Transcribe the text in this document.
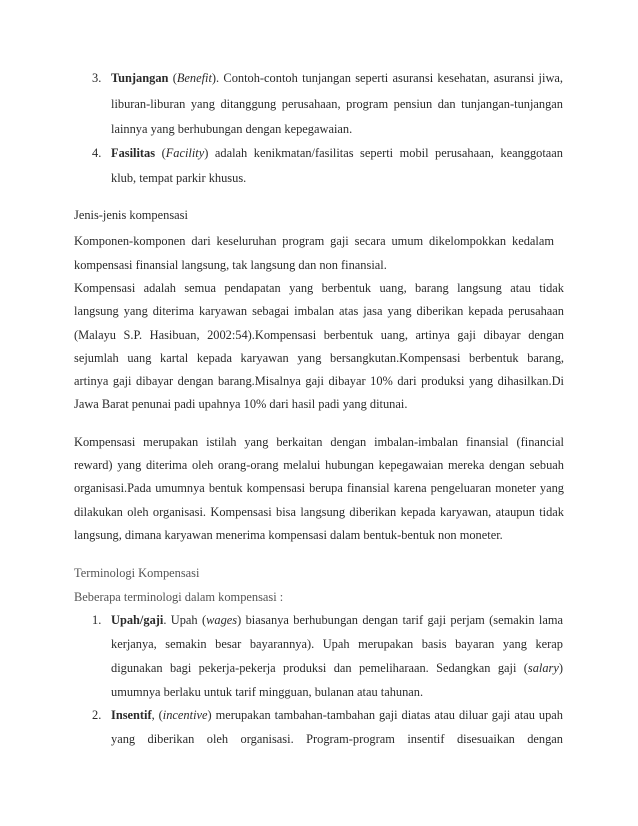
3. Tunjangan (Benefit). Contoh-contoh tunjangan seperti asuransi kesehatan, asuransi jiwa,
liburan-liburan yang ditanggung perusahaan, program pensiun dan tunjangan-tunjangan
lainnya yang berhubungan dengan kepegawaian.
4. Fasilitas (Facility) adalah kenikmatan/fasilitas seperti mobil perusahaan, keanggotaan
klub, tempat parkir khusus.
Jenis-jenis kompensasi
Komponen-komponen dari keseluruhan program gaji secara umum dikelompokkan kedalam
kompensasi finansial langsung, tak langsung dan non finansial.
Kompensasi adalah semua pendapatan yang berbentuk uang, barang langsung atau tidak
langsung yang diterima karyawan sebagai imbalan atas jasa yang diberikan kepada perusahaan
(Malayu S.P. Hasibuan, 2002:54).Kompensasi berbentuk uang, artinya gaji dibayar dengan
sejumlah uang kartal kepada karyawan yang bersangkutan.Kompensasi berbentuk barang,
artinya gaji dibayar dengan barang.Misalnya gaji dibayar 10% dari produksi yang dihasilkan.Di
Jawa Barat penunai padi upahnya 10% dari hasil padi yang ditunai.
Kompensasi merupakan istilah yang berkaitan dengan imbalan-imbalan finansial (financial
reward) yang diterima oleh orang-orang melalui hubungan kepegawaian mereka dengan sebuah
organisasi.Pada umumnya bentuk kompensasi berupa finansial karena pengeluaran moneter yang
dilakukan oleh organisasi. Kompensasi bisa langsung diberikan kepada karyawan, ataupun tidak
langsung, dimana karyawan menerima kompensasi dalam bentuk-bentuk non moneter.
Terminologi Kompensasi
Beberapa terminologi dalam kompensasi :
1. Upah/gaji. Upah (wages) biasanya berhubungan dengan tarif gaji perjam (semakin lama
kerjanya, semakin besar bayarannya). Upah merupakan basis bayaran yang kerap
digunakan bagi pekerja-pekerja produksi dan pemeliharaan. Sedangkan gaji (salary)
umumnya berlaku untuk tarif mingguan, bulanan atau tahunan.
2. Insentif, (incentive) merupakan tambahan-tambahan gaji diatas atau diluar gaji atau upah
yang diberikan oleh organisasi. Program-program insentif disesuaikan dengan
